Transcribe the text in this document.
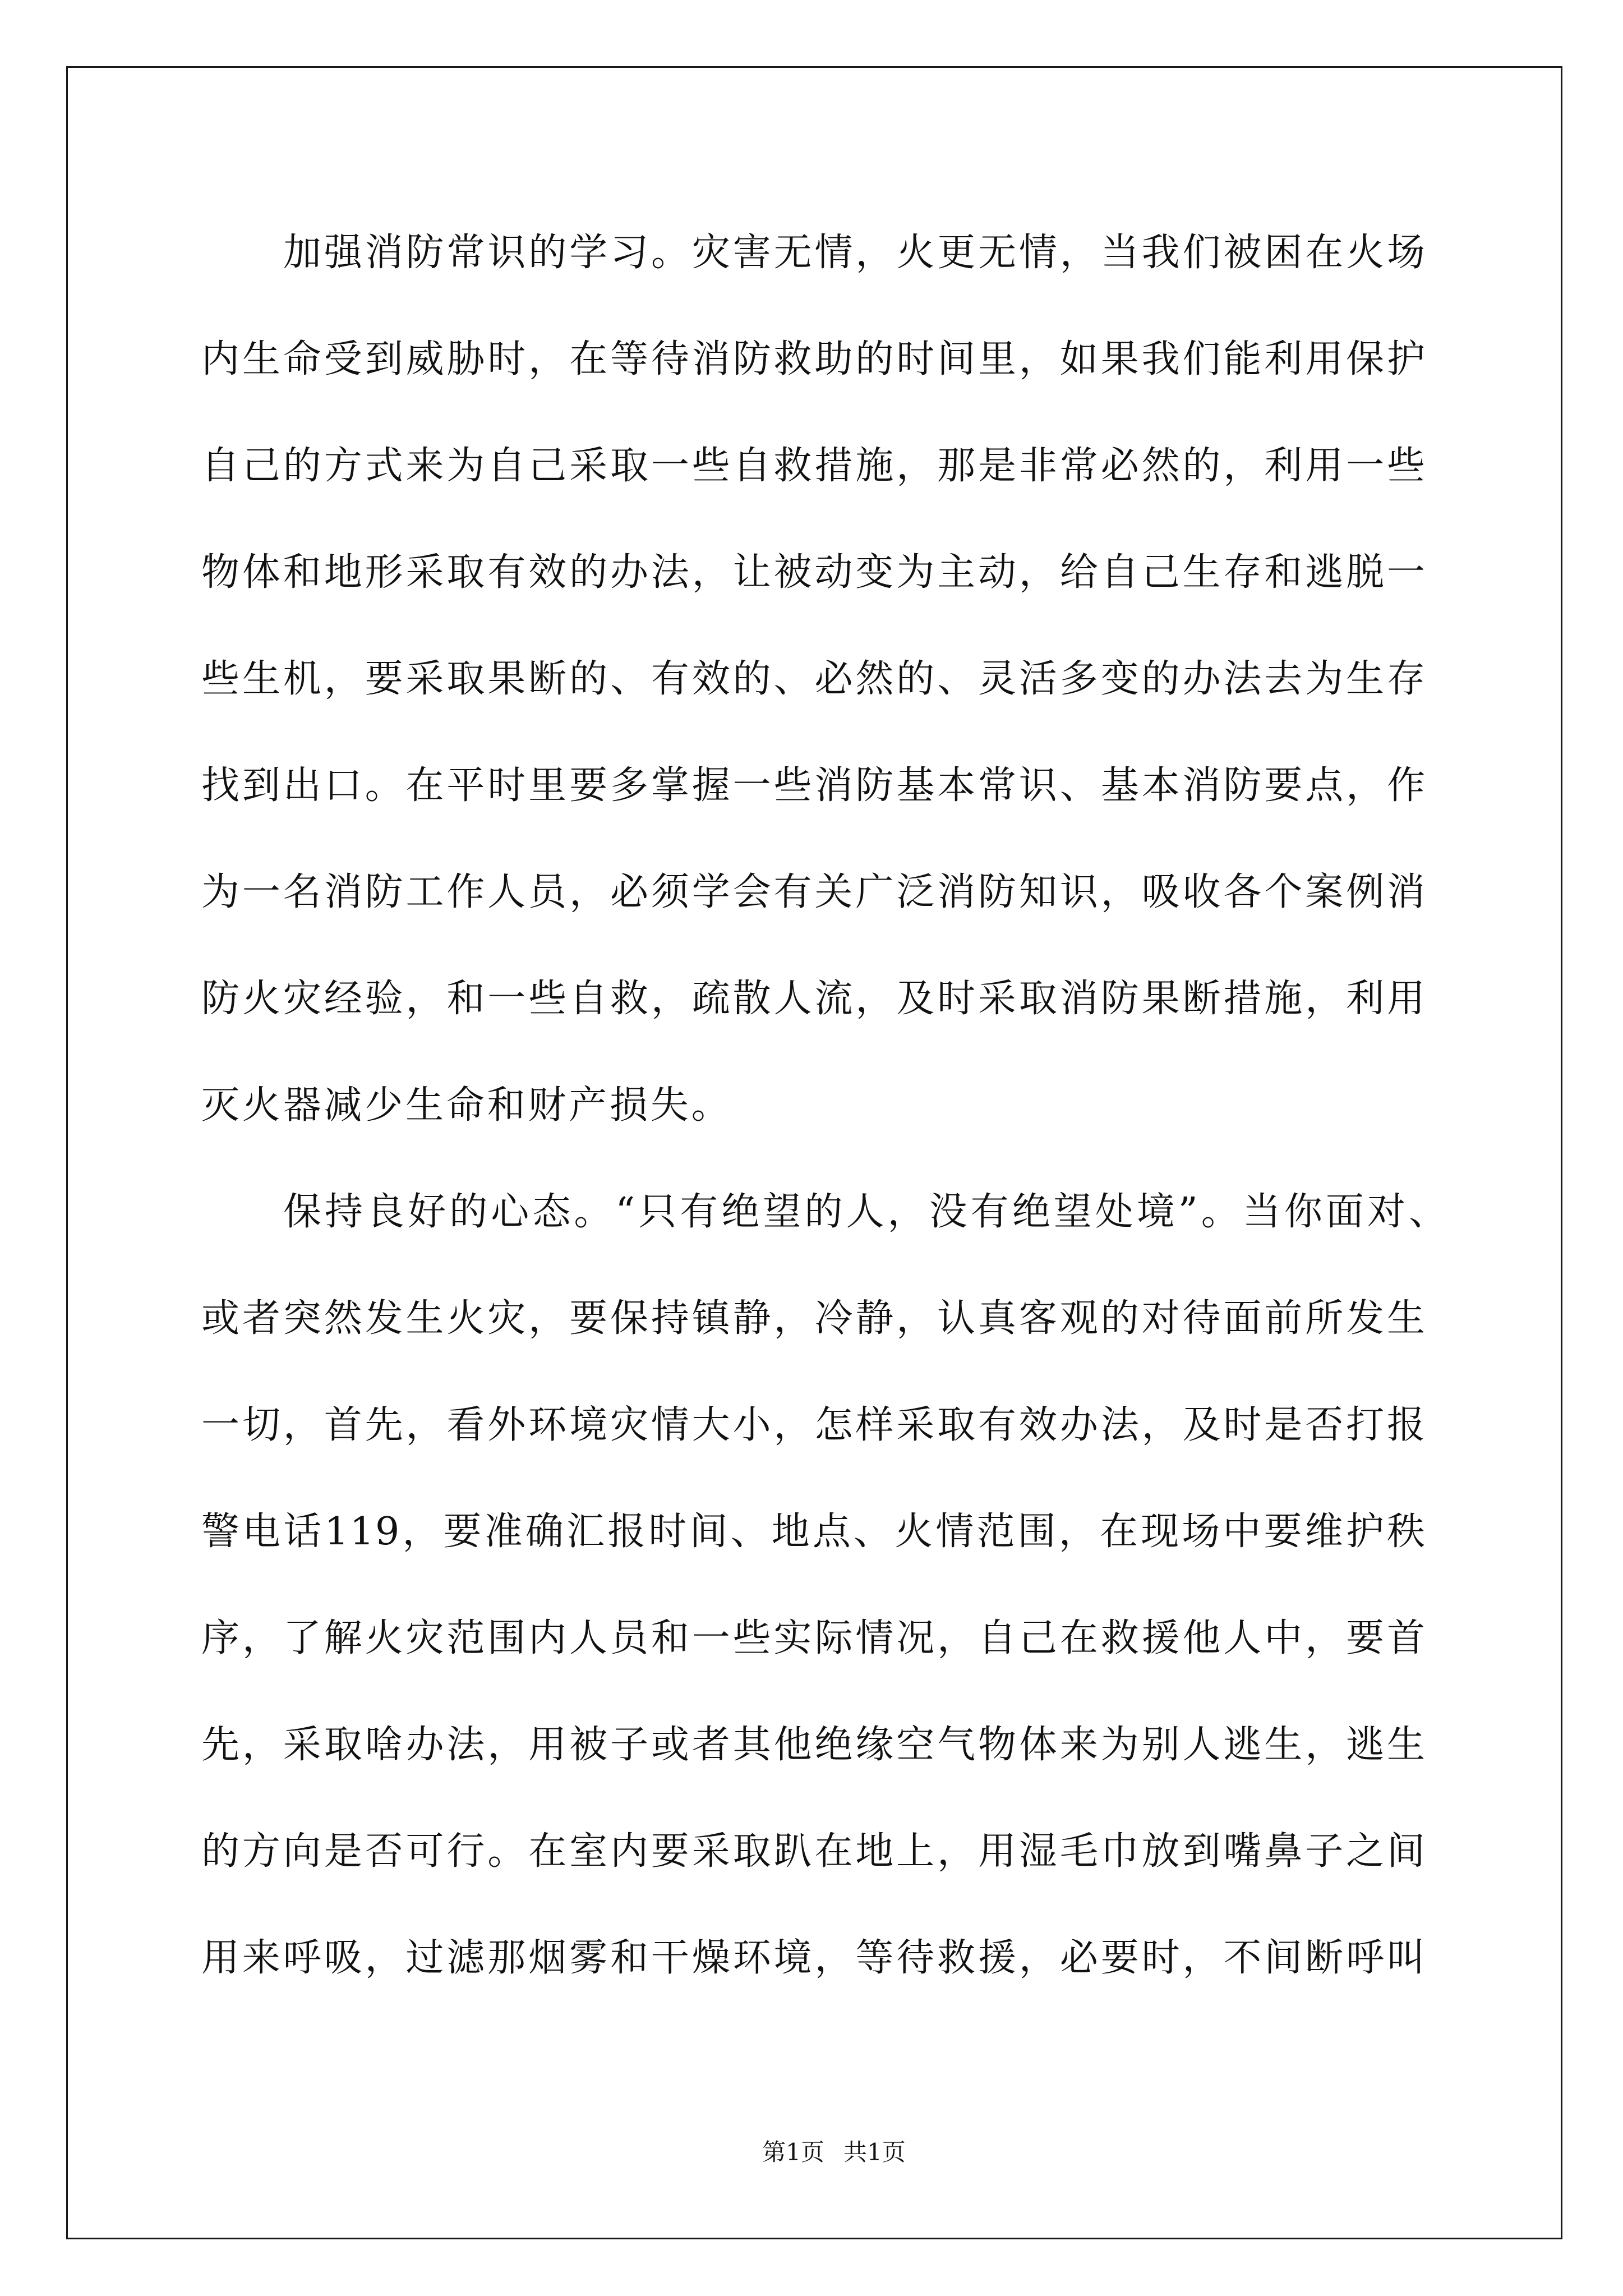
加强消防常识的学习。灾害无情，火更无情，当我们被困在火场
内生命受到威胁时，在等待消防救助的时间里，如果我们能利用保护
自己的方式来为自己采取一些自救措施，那是非常必然的，利用一些
物体和地形采取有效的办法，让被动变为主动，给自己生存和逃脱一
些生机，要采取果断的、有效的、必然的、灵活多变的办法去为生存
找到出口。在平时里要多掌握一些消防基本常识、基本消防要点，作
为一名消防工作人员，必须学会有关广泛消防知识，吸收各个案例消
防火灾经验，和一些自救，疏散人流，及时采取消防果断措施，利用
灭火器减少生命和财产损失。
保持良好的心态。“只有绝望的人，没有绝望处境”。当你面对、
或者突然发生火灾，要保持镇静，冷静，认真客观的对待面前所发生
一切，首先，看外环境灾情大小，怎样采取有效办法，及时是否打报
警电话119，要准确汇报时间、地点、火情范围，在现场中要维护秩
序，了解火灾范围内人员和一些实际情况，自己在救援他人中，要首
先，采取啥办法，用被子或者其他绝缘空气物体来为别人逃生，逃生
的方向是否可行。在室内要采取趴在地上，用湿毛巾放到嘴鼻子之间
用来呼吸，过滤那烟雾和干燥环境，等待救援，必要时，不间断呼叫
第1页 共1页
